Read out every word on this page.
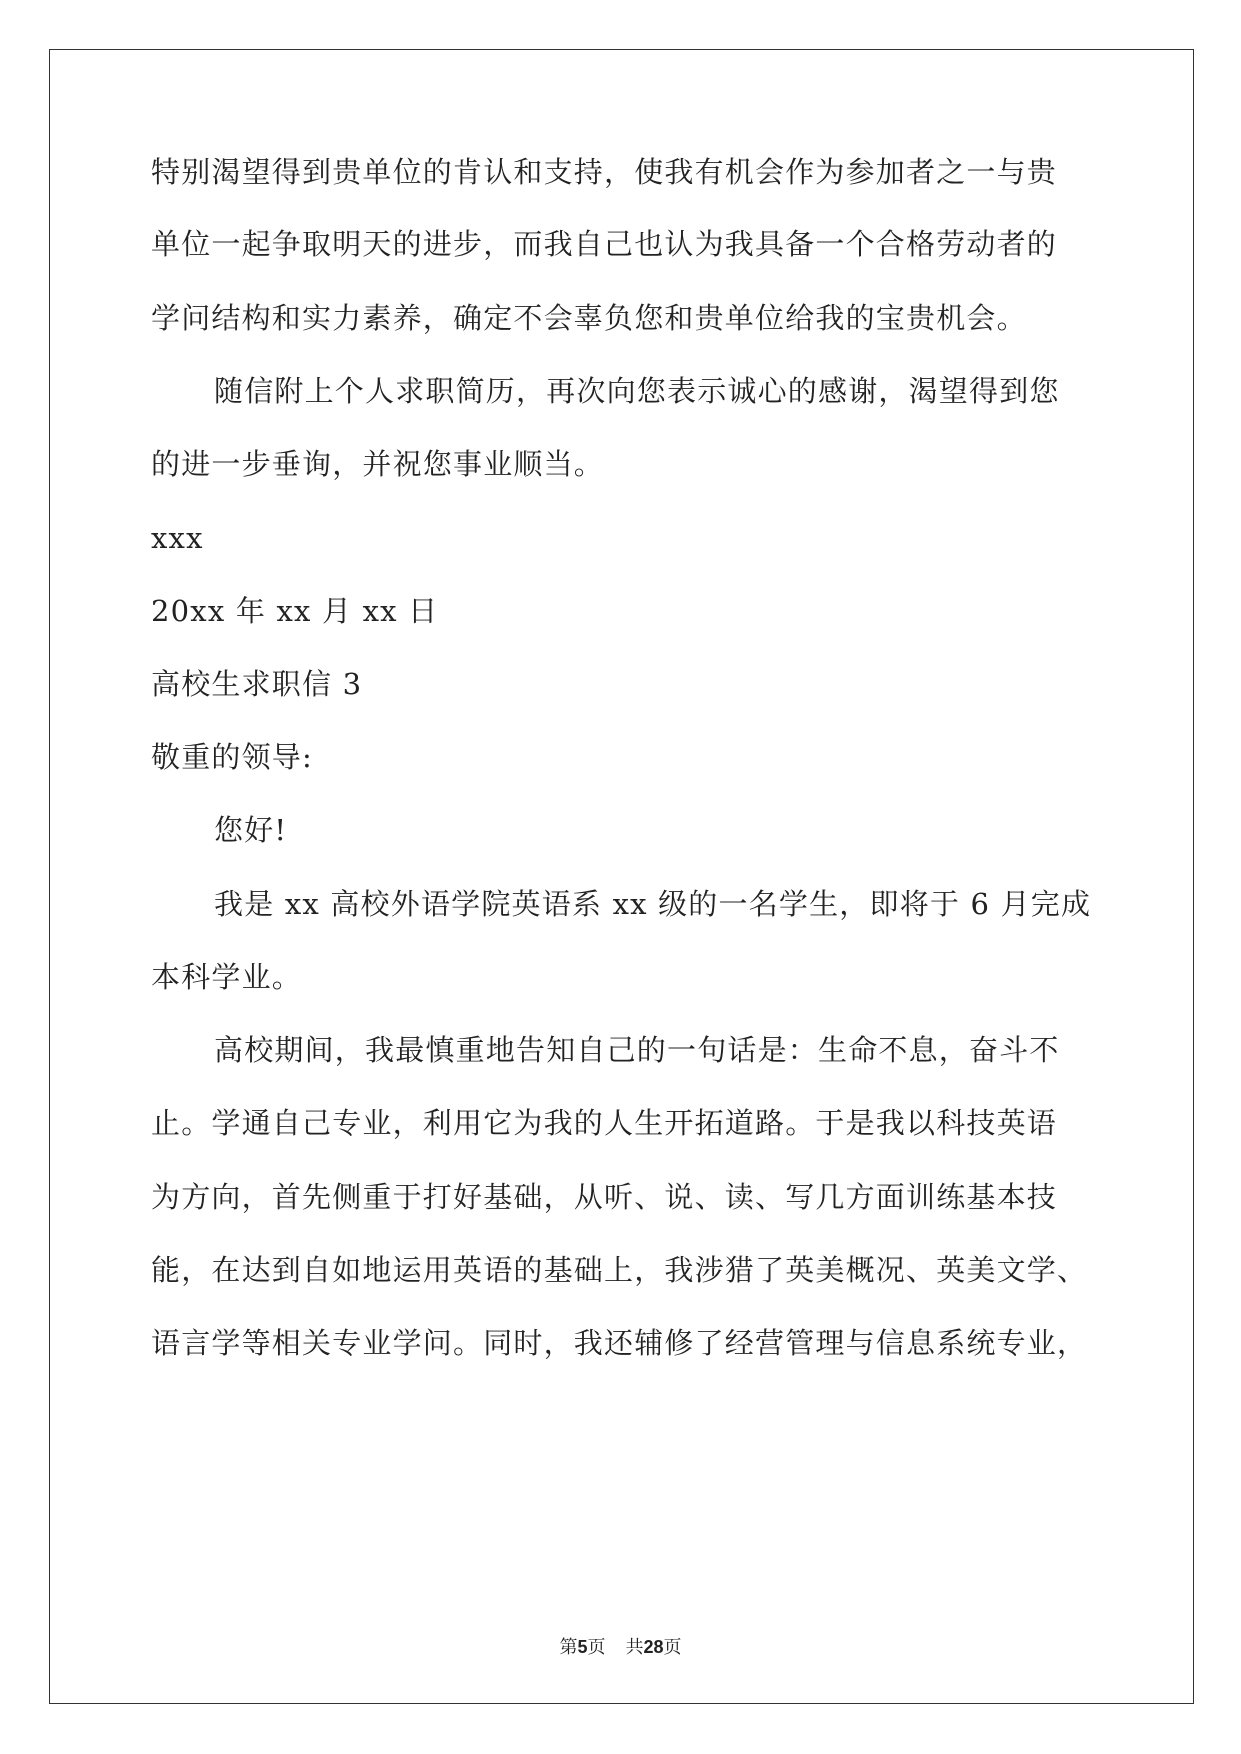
特别渴望得到贵单位的肯认和支持，使我有机会作为参加者之一与贵
单位一起争取明天的进步，而我自己也认为我具备一个合格劳动者的
学问结构和实力素养，确定不会辜负您和贵单位给我的宝贵机会。
随信附上个人求职简历，再次向您表示诚心的感谢，渴望得到您
的进一步垂询，并祝您事业顺当。
xxx
20xx 年 xx 月 xx 日
高校生求职信 3
敬重的领导:
您好!
我是 xx 高校外语学院英语系 xx 级的一名学生，即将于 6 月完成
本科学业。
高校期间，我最慎重地告知自己的一句话是：生命不息，奋斗不
止。学通自己专业，利用它为我的人生开拓道路。于是我以科技英语
为方向，首先侧重于打好基础，从听、说、读、写几方面训练基本技
能，在达到自如地运用英语的基础上，我涉猎了英美概况、英美文学、
语言学等相关专业学问。同时，我还辅修了经营管理与信息系统专业，
第5页 共28页
